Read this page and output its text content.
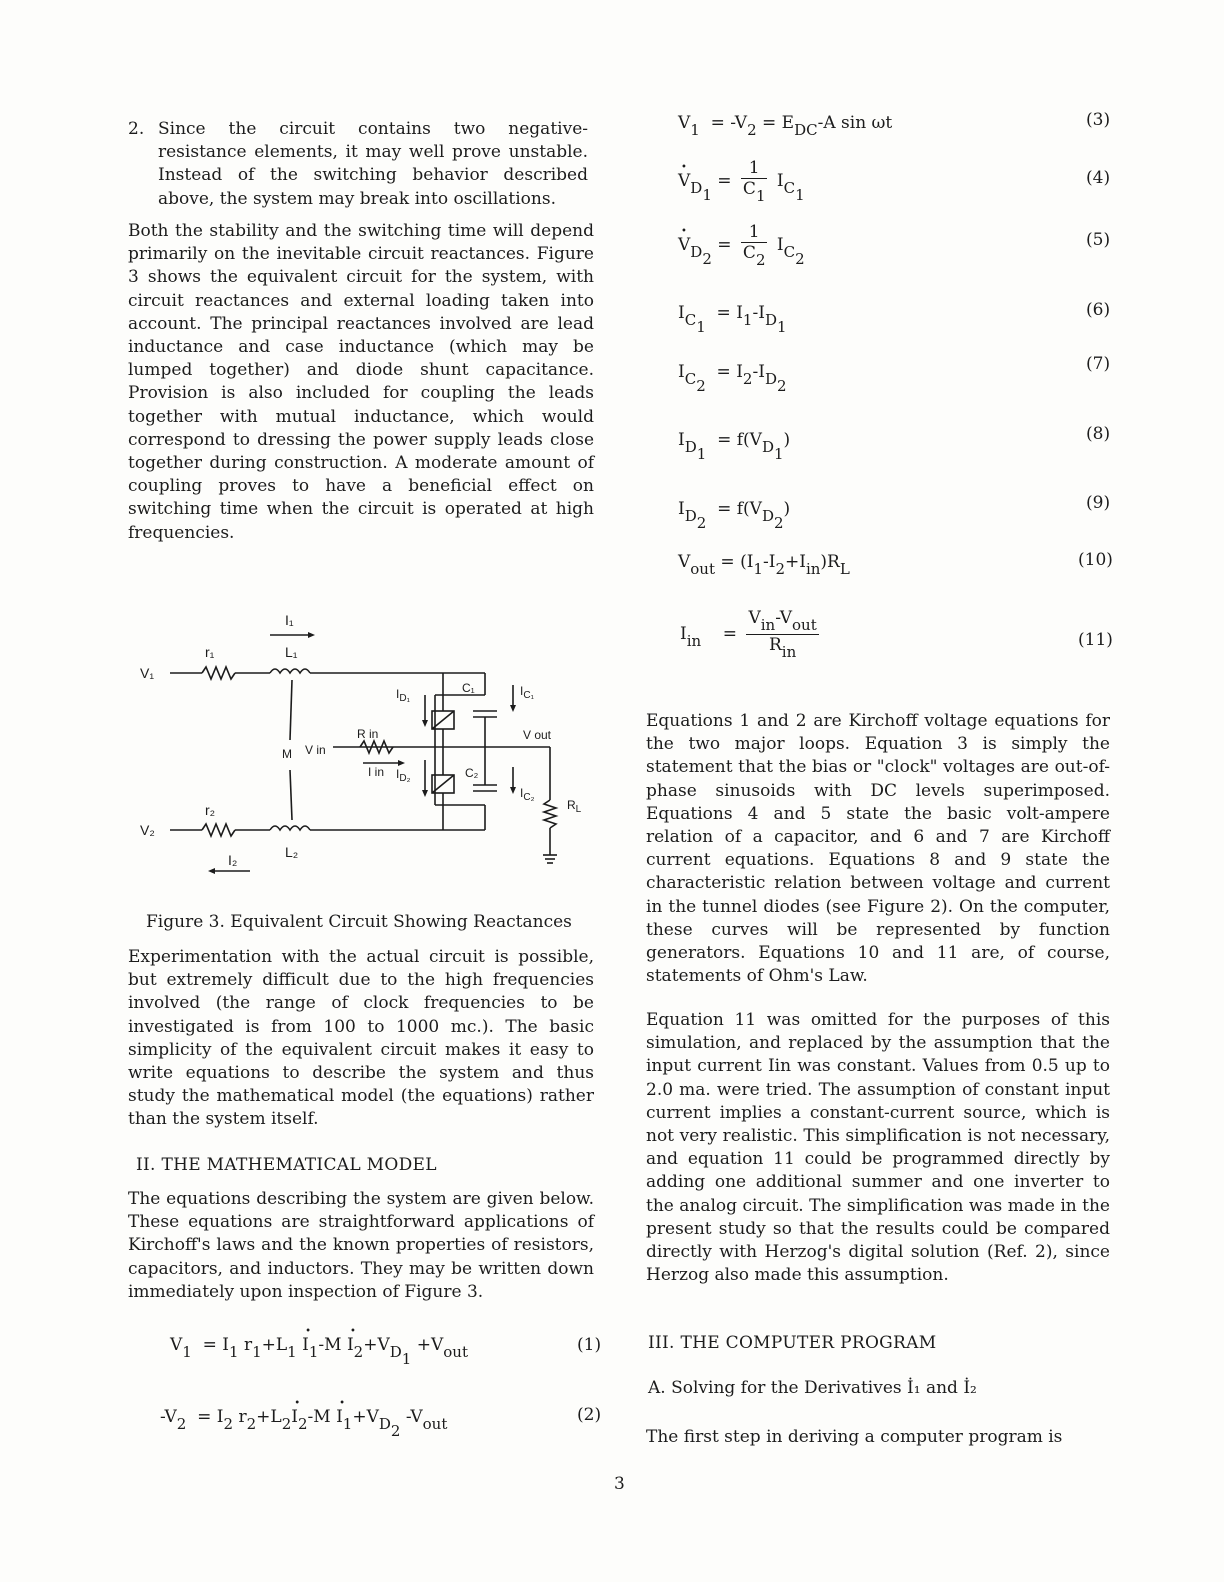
2. Since the circuit contains two negative-resistance elements, it may well prove unstable. Instead of the switching behavior described above, the system may break into oscillations.

Both the stability and the switching time will depend primarily on the inevitable circuit reactances. Figure 3 shows the equivalent circuit for the system, with circuit reactances and external loading taken into account. The principal reactances involved are lead inductance and case inductance (which may be lumped together) and diode shunt capacitance. Provision is also included for coupling the leads together with mutual inductance, which would correspond to dressing the power supply leads close together during construction. A moderate amount of coupling proves to have a beneficial effect on switching time when the circuit is operated at high frequencies.

V₁
V₂
r₁
r₂
L₁
L₂
I₁
I₂
M V in
R in
I in
$I_{D_1}$
$I_{D_2}$
C₁
C₂
$I_{C_1}$
$I_{C_2}$
V out
$R_L$
Figure 3. Equivalent Circuit Showing Reactances

Experimentation with the actual circuit is possible, but extremely difficult due to the high frequencies involved (the range of clock frequencies to be investigated is from 100 to 1000 mc.). The basic simplicity of the equivalent circuit makes it easy to write equations to describe the system and thus study the mathematical model (the equations) rather than the system itself.

II. THE MATHEMATICAL MODEL

The equations describing the system are given below. These equations are straightforward applications of Kirchoff's laws and the known properties of resistors, capacitors, and inductors. They may be written down immediately upon inspection of Figure 3.

$V_1 = I_1$ $r_1+L_1$ • $I_1-M$ • $I_2+V_{D_1} +V_{out}$	(1)
$-V_2 = I_2$ $r_2+L_2•$ $I_2-M$ • $I_1+V_{D_2}$ $-V_{out}$	(2)
$V_1 = -V_2 = E_{DC}-A$ sin ωt	(3)
• $V_{D_1} = \frac{1}{C_1} I_{C_1}$
(4)
• $V_{D_2} = \frac{1}{C_2} I_{C_2}$
(5)
$I_{C_1} = I_1-I_{D_1}$
(6)
$I_{C_2} = I_2-I_{D_2}$
(7)
$I_{D_1} = f(V_{D_1})$	(8)
$I_{D_2} = f(V_{D_2})$	(9)
$V_{out} = (I_1-I_2+I_{in})R_L$	(10)
$I_{in}$    = $\frac{V_{in}-V_{out}}{R_{in}}$	(11)

Equations 1 and 2 are Kirchoff voltage equations for the two major loops. Equation 3 is simply the statement that the bias or "clock" voltages are out-of-phase sinusoids with DC levels superimposed. Equations 4 and 5 state the basic volt-ampere relation of a capacitor, and 6 and 7 are Kirchoff current equations. Equations 8 and 9 state the characteristic relation between voltage and current in the tunnel diodes (see Figure 2). On the computer, these curves will be represented by function generators. Equations 10 and 11 are, of course, statements of Ohm's Law.

Equation 11 was omitted for the purposes of this simulation, and replaced by the assumption that the input current Iin was constant. Values from 0.5 up to 2.0 ma. were tried. The assumption of constant input current implies a constant-current source, which is not very realistic. This simplification is not necessary, and equation 11 could be programmed directly by adding one additional summer and one inverter to the analog circuit. The simplification was made in the present study so that the results could be compared directly with Herzog's digital solution (Ref. 2), since Herzog also made this assumption.

III. THE COMPUTER PROGRAM
A. Solving for the Derivatives İ₁ and İ₂

The first step in deriving a computer program is

3
